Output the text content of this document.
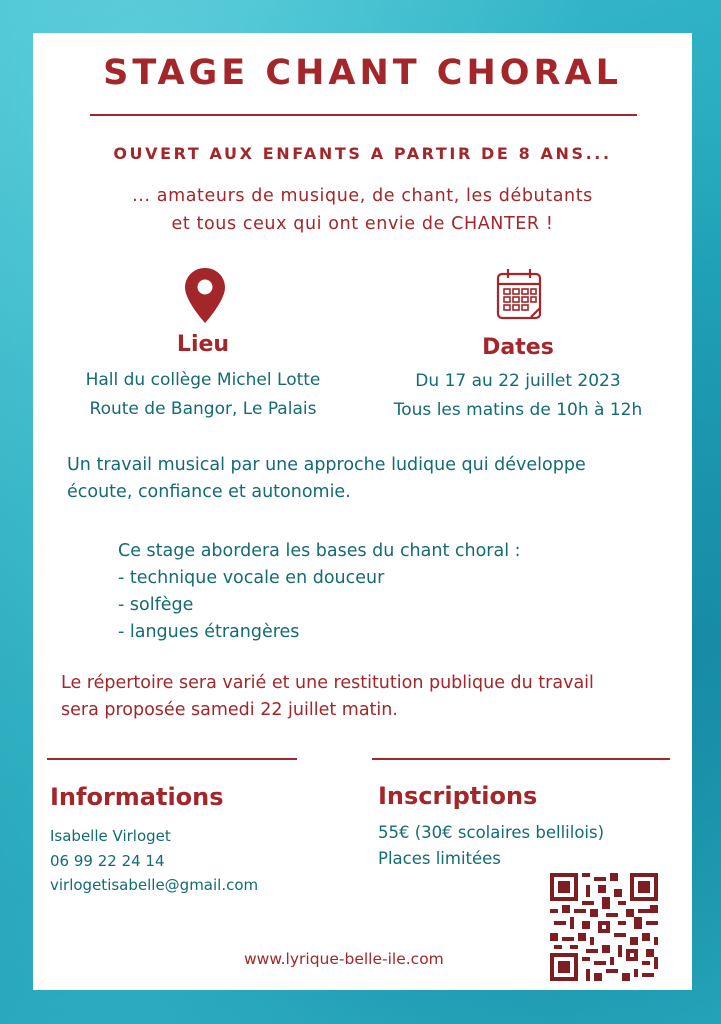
STAGE CHANT CHORAL
OUVERT AUX ENFANTS A PARTIR DE 8 ANS...
... amateurs de musique, de chant, les débutants
et tous ceux qui ont envie de CHANTER !
Lieu
Hall du collège Michel Lotte
Route de Bangor, Le Palais
Dates
Du 17 au 22 juillet 2023
Tous les matins de 10h à 12h
Un travail musical par une approche ludique qui développe
écoute, confiance et autonomie.
Ce stage abordera les bases du chant choral :
- technique vocale en douceur
- solfège
- langues étrangères
Le répertoire sera varié et une restitution publique du travail
sera proposée samedi 22 juillet matin.
Informations
Isabelle Virloget
06 99 22 24 14
virlogetisabelle@gmail.com
Inscriptions
55€ (30€ scolaires bellilois)
Places limitées
www.lyrique-belle-ile.com
